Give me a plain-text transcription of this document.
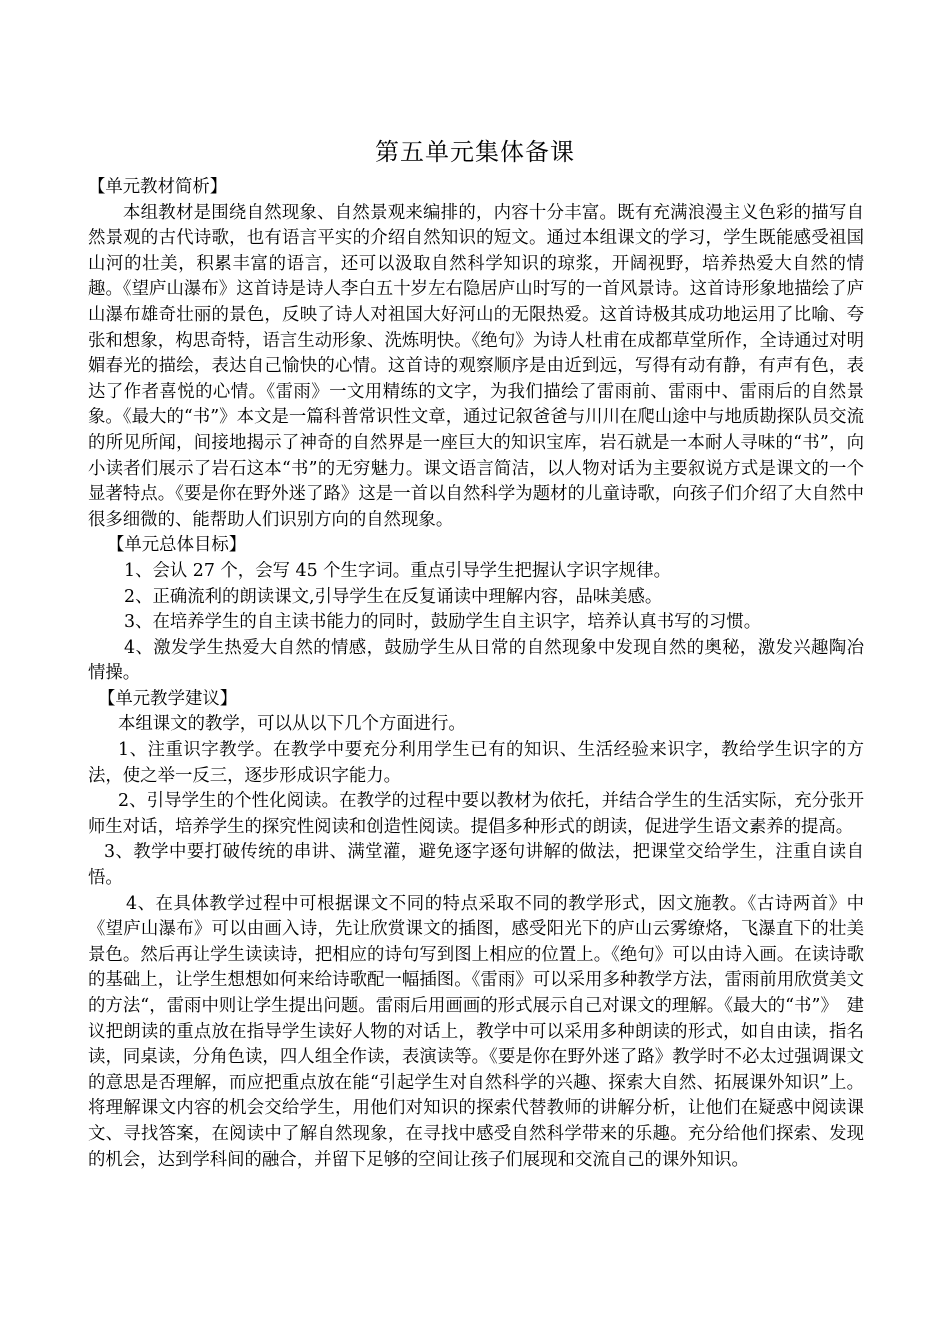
第五单元集体备课

【单元教材简析】

本组教材是围绕自然现象、自然景观来编排的，内容十分丰富。既有充满浪漫主义色彩的描写自然景观的古代诗歌，也有语言平实的介绍自然知识的短文。通过本组课文的学习，学生既能感受祖国山河的壮美，积累丰富的语言，还可以汲取自然科学知识的琼浆，开阔视野，培养热爱大自然的情趣。《望庐山瀑布》这首诗是诗人李白五十岁左右隐居庐山时写的一首风景诗。这首诗形象地描绘了庐山瀑布雄奇壮丽的景色，反映了诗人对祖国大好河山的无限热爱。这首诗极其成功地运用了比喻、夸张和想象，构思奇特，语言生动形象、洗炼明快。《绝句》为诗人杜甫在成都草堂所作，全诗通过对明媚春光的描绘，表达自己愉快的心情。这首诗的观察顺序是由近到远，写得有动有静，有声有色，表达了作者喜悦的心情。《雷雨》一文用精练的文字，为我们描绘了雷雨前、雷雨中、雷雨后的自然景象。《最大的“书”》本文是一篇科普常识性文章，通过记叙爸爸与川川在爬山途中与地质勘探队员交流的所见所闻，间接地揭示了神奇的自然界是一座巨大的知识宝库，岩石就是一本耐人寻味的“书”，向小读者们展示了岩石这本“书”的无穷魅力。课文语言简洁，以人物对话为主要叙说方式是课文的一个显著特点。《要是你在野外迷了路》这是一首以自然科学为题材的儿童诗歌，向孩子们介绍了大自然中很多细微的、能帮助人们识别方向的自然现象。

【单元总体目标】

1、会认 27 个，会写 45 个生字词。重点引导学生把握认字识字规律。

2、正确流利的朗读课文,引导学生在反复诵读中理解内容，品味美感。

3、在培养学生的自主读书能力的同时，鼓励学生自主识字，培养认真书写的习惯。

4、激发学生热爱大自然的情感，鼓励学生从日常的自然现象中发现自然的奥秘，激发兴趣陶冶情操。

【单元教学建议】

本组课文的教学，可以从以下几个方面进行。

1、注重识字教学。在教学中要充分利用学生已有的知识、生活经验来识字，教给学生识字的方法，使之举一反三，逐步形成识字能力。

2、引导学生的个性化阅读。在教学的过程中要以教材为依托，并结合学生的生活实际，充分张开师生对话，培养学生的探究性阅读和创造性阅读。提倡多种形式的朗读，促进学生语文素养的提高。

3、教学中要打破传统的串讲、满堂灌，避免逐字逐句讲解的做法，把课堂交给学生，注重自读自悟。

4、在具体教学过程中可根据课文不同的特点采取不同的教学形式，因文施教。《古诗两首》中《望庐山瀑布》可以由画入诗，先让欣赏课文的插图，感受阳光下的庐山云雾缭烙，飞瀑直下的壮美景色。然后再让学生读读诗，把相应的诗句写到图上相应的位置上。《绝句》可以由诗入画。在读诗歌的基础上，让学生想想如何来给诗歌配一幅插图。《雷雨》可以采用多种教学方法，雷雨前用欣赏美文的方法“，雷雨中则让学生提出问题。雷雨后用画画的形式展示自己对课文的理解。《最大的“书”》　建议把朗读的重点放在指导学生读好人物的对话上，教学中可以采用多种朗读的形式，如自由读，指名读，同桌读，分角色读，四人组全作读，表演读等。《要是你在野外迷了路》教学时不必太过强调课文的意思是否理解，而应把重点放在能“引起学生对自然科学的兴趣、探索大自然、拓展课外知识”上。将理解课文内容的机会交给学生，用他们对知识的探索代替教师的讲解分析，让他们在疑惑中阅读课文、寻找答案，在阅读中了解自然现象，在寻找中感受自然科学带来的乐趣。充分给他们探索、发现的机会，达到学科间的融合，并留下足够的空间让孩子们展现和交流自己的课外知识。
